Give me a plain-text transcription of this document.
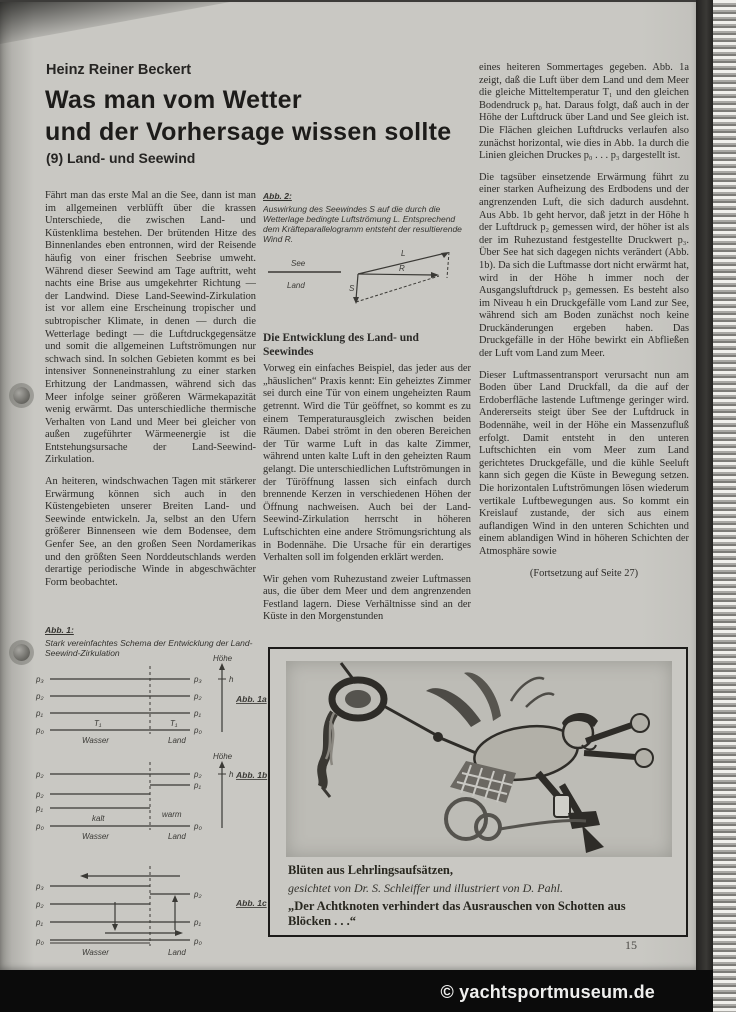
Heinz Reiner Beckert
Was man vom Wetter
und der Vorhersage wissen sollte
(9) Land- und Seewind

Fährt man das erste Mal an die See, dann ist man im allgemeinen verblüfft über die krassen Unterschiede, die zwischen Land- und Küstenklima bestehen. Der brütenden Hitze des Binnenlandes eben entronnen, wird der Reisende häufig von einer frischen Seebrise umweht. Während dieser Seewind am Tage auftritt, weht nachts eine Brise aus umgekehrter Richtung — der Landwind. Diese Land-Seewind-Zirkulation ist vor allem eine Erscheinung tropischer und subtropischer Klimate, in denen — durch die Wetterlage bedingt — die Luftdruckgegensätze und somit die allgemeinen Luftströmungen nur schwach sind. In solchen Gebieten kommt es bei intensiver Sonneneinstrahlung zu einer starken Erhitzung der Landmassen, während sich das Meer infolge seiner größeren Wärmekapazität wenig erwärmt. Das unterschiedliche thermische Verhalten von Land und Meer bei gleicher von außen zugeführter Wärmeenergie ist die Entstehungsursache der Land-Seewind-Zirkulation.

An heiteren, windschwachen Tagen mit stärkerer Erwärmung können sich auch in den Küstengebieten unserer Breiten Land- und Seewinde entwickeln. Ja, selbst an den Ufern größerer Binnenseen wie dem Bodensee, dem Genfer See, an den großen Seen Nordamerikas und den größten Seen Norddeutschlands werden derartige periodische Winde in abgeschwächter Form beobachtet.

Abb. 2:
Auswirkung des Seewindes S auf die durch die Wetterlage bedingte Luftströmung L. Entsprechend dem Kräfteparallelogramm entsteht der resultierende Wind R.
See
Land
L
R
S
Die Entwicklung des Land- und Seewindes

Vorweg ein einfaches Beispiel, das jeder aus der „häuslichen“ Praxis kennt: Ein geheiztes Zimmer sei durch eine Tür von einem ungeheizten Raum getrennt. Wird die Tür geöffnet, so kommt es zu einem Temperaturausgleich zwischen beiden Räumen. Dabei strömt in den oberen Bereichen der Tür warme Luft in das kalte Zimmer, während unten kalte Luft in den geheizten Raum gelangt. Die unterschiedlichen Luftströmungen in der Türöffnung lassen sich einfach durch brennende Kerzen in verschiedenen Höhen der Öffnung nachweisen. Auch bei der Land-Seewind-Zirkulation herrscht in höheren Luftschichten eine andere Strömungsrichtung als in Bodennähe. Die Ursache für ein derartiges Verhalten soll im folgenden erklärt werden.

Wir gehen vom Ruhezustand zweier Luftmassen aus, die über dem Meer und dem angrenzenden Festland lagern. Diese Verhältnisse sind an der Küste in den Morgenstunden

eines heiteren Sommertages gegeben. Abb. 1a zeigt, daß die Luft über dem Land und dem Meer die gleiche Mitteltemperatur T₁ und den gleichen Bodendruck p₀ hat. Daraus folgt, daß auch in der Höhe der Luftdruck über Land und See gleich ist. Die Flächen gleichen Luftdrucks verlaufen also zunächst horizontal, wie dies in Abb. 1a durch die Linien gleichen Druckes p₀ . . . p₃ dargestellt ist.

Die tagsüber einsetzende Erwärmung führt zu einer starken Aufheizung des Erdbodens und der angrenzenden Luft, die sich dadurch ausdehnt. Aus Abb. 1b geht hervor, daß jetzt in der Höhe h der Luftdruck p₂ gemessen wird, der höher ist als der im Ruhezustand festgestellte Druckwert p₃. Über See hat sich dagegen nichts verändert (Abb. 1b). Da sich die Luftmasse dort nicht erwärmt hat, wird in der Höhe h immer noch der Ausgangsluftdruck p₃ gemessen. Es besteht also im Niveau h ein Druckgefälle vom Land zur See, während sich am Boden zunächst noch keine Druckänderungen ergeben haben. Das Druckgefälle in der Höhe bewirkt ein Abfließen der Luft vom Land zum Meer.

Dieser Luftmassentransport verursacht nun am Boden über Land Druckfall, da die auf der Erdoberfläche lastende Luftmenge geringer wird. Andererseits steigt über See der Luftdruck in Bodennähe, weil in der Höhe ein Massenzufluß erfolgt. Damit entsteht in den unteren Luftschichten ein vom Meer zum Land gerichtetes Druckgefälle, und die kühle Seeluft kann sich gegen die Küste in Bewegung setzen. Die horizontalen Luftströmungen lösen wiederum vertikale Luftbewegungen aus. So kommt ein Kreislauf zustande, der sich aus einem auflandigen Wind in den unteren Schichten und einem ablandigen Wind in höheren Schichten der Atmosphäre sowie

(Fortsetzung auf Seite 27)

Abb. 1:
Stark vereinfachtes Schema der Entwicklung der Land-Seewind-Zirkulation
p₃
p₂
p₁
p₀
p₃
p₂
p₁
p₀
T₁	T₁
Wasser	Land
Höhe
h
Abb. 1a
p₂
p₂
p₁
p₀
p₂
p₁
p₀
kalt	warm
Wasser	Land
Höhe
h Abb. 1b
p₃
p₂
p₁
p₀
p₂
p₁
p₀
Wasser	Land
Abb. 1c
Blüten aus Lehrlingsaufsätzen,
gesichtet von Dr. S. Schleiffer und illustriert von D. Pahl.
„Der Achtknoten verhindert das Ausrauschen von Schotten aus Blöcken . . .“
15
© yachtsportmuseum.de
